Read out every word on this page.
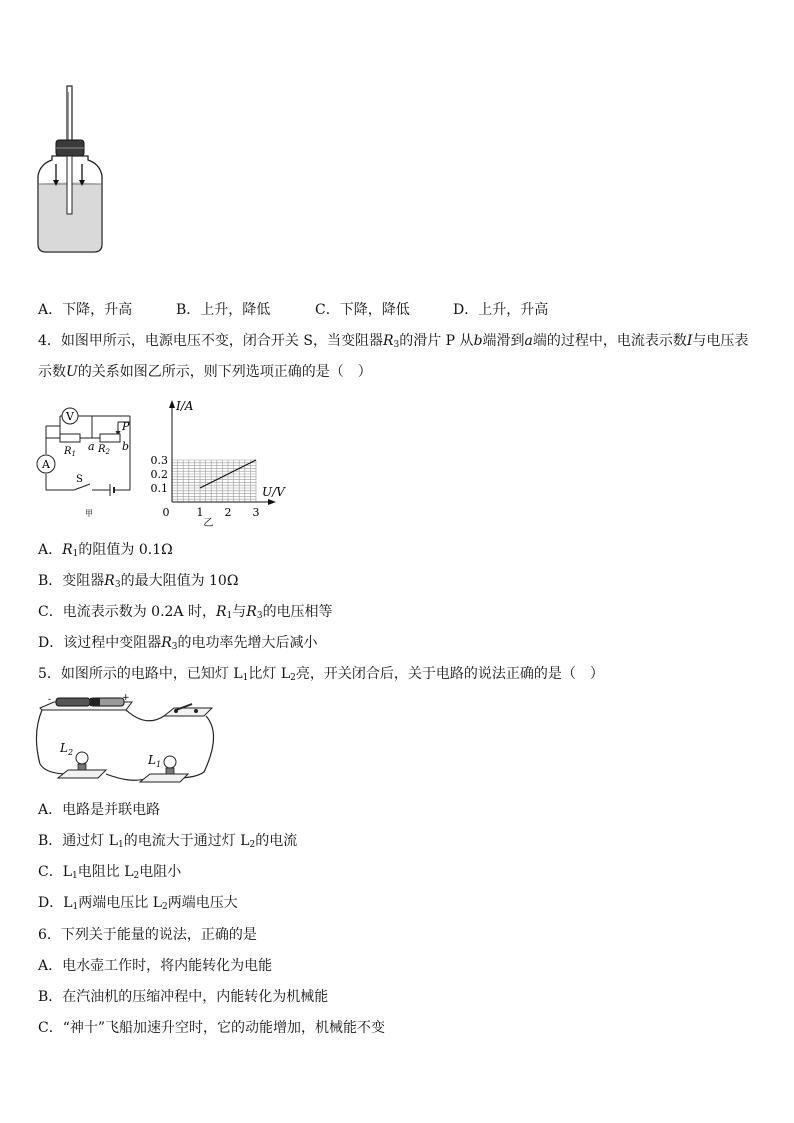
A．下降，升高	B．上升，降低	C．下降，降低	D．上升，升高
4．如图甲所示，电源电压不变，闭合开关 S，当变阻器$R_3$的滑片 P 从b端滑到a端的过程中，电流表示数I与电压表
示数U的关系如图乙所示，则下列选项正确的是（　）
V
A
$R_1$ $R_2$
a b
P
S
甲
0.3
0.2
0.1
1 2 3
0
I/A
U/V
乙
A．$R_1$的阻值为 0.1Ω
B．变阻器$R_3$的最大阻值为 10Ω
C．电流表示数为 0.2A 时，$R_1$与$R_3$的电压相等
D．该过程中变阻器$R_3$的电功率先增大后减小
5．如图所示的电路中，已知灯 $L_1$比灯 $L_2$亮，开关闭合后，关于电路的说法正确的是（　）
-	+
$L_2$
$L_1$
A．电路是并联电路
B．通过灯 $L_1$的电流大于通过灯 $L_2$的电流
C．$L_1$电阻比 $L_2$电阻小
D．$L_1$两端电压比 $L_2$两端电压大
6．下列关于能量的说法，正确的是
A．电水壶工作时，将内能转化为电能
B．在汽油机的压缩冲程中，内能转化为机械能
C．“神十”飞船加速升空时，它的动能增加，机械能不变
